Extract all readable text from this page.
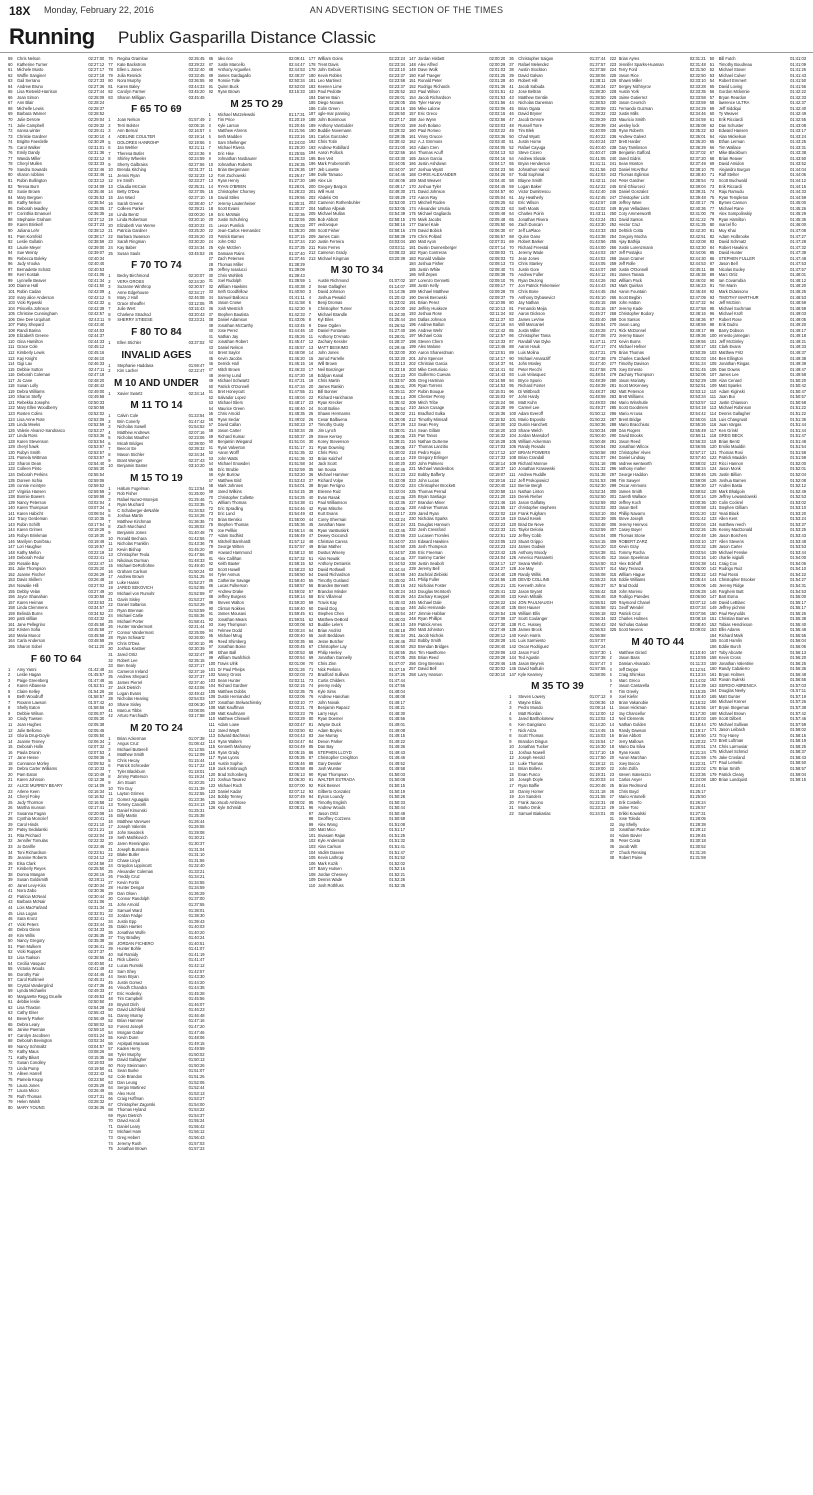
18X Monday, February 22, 2016	AN ADVERTISING SECTION OF THE TIMES
Running Publix Gasparilla Distance Classic
59	Chris Nelson	02:27:00
60	Katherine Turner	02:27:12
61	Michele Musto	02:27:17
62	Wuffie Sanginer	02:27:18
63	Gail Serrano	02:27:33
64	Andrew Bruno	02:27:36
65	Lisa Rietveld-Harrison	02:27:44
66	Joan Simon	02:28:09
67	Ann Blair	02:28:24
68	Michelle Lewis	02:28:37
69	Barbara Warner	02:28:52
70	Julie DeVore	02:29:04
71	Julie Campbell	02:29:32
72	nanna winter	02:29:41
73	Christie Gardner	02:30:10
74	Brigitte Faerdelle	02:30:29
75	Carol Walker	02:31:01
76	Emily Dandy	02:31:36
77	Wanda Miller	02:32:12
78	Cheryl Mullen	02:32:33
79	Sandra Sowards	02:32:46
80	sharon robbins	02:32:46
81	Robin Bullington	02:33:12
82	Teresa Burn	02:34:09
83	Susie Brown	02:35:46
84	Mary Bergsen	02:35:53
85	Kathy Nelson	02:35:54
86	Deborah Iwadley	02:36:05
87	Corinthia Emanuel	02:36:35
88	Stephanie Graham	02:37:12
89	Karen Brinkell	02:37:23
90	Juliana Lehr	02:38:12
91	Pam Kornfeld	02:38:17
92	Leslie Gullatin	02:38:59
93	Laurie Meyer	02:39:00
94	Sue Weinty	02:39:07
95	Rebecca Boleky	02:40:34
96	Judy Vrooka	02:40:40
97	Bernadette Schatz	02:40:53
98	Kerri Kostak	02:41:05
99	Lynnelle Beaver	02:41:34
100 Dianne Hall	02:41:50
101 Robin Cadan	02:42:09
102 mary alice Anderson	02:42:12
103 Vicki Rypwski	02:42:32
104 Priscella Johnson	02:42:39
105 Christine Cunningham	02:42:57
106 Dee Dee Urquhart	02:43:11
107 Patsy Shepard	02:43:40
108 Randi Barina	02:44:03
109 Elizabeth Greene	02:44:37
110 Gina Hamilton	02:44:33
111 Grace Cole	02:45:12
112 Kimberly Lewis	02:45:16
113 Kay Knight	02:46:10
114 Gigi Lax	02:46:33
115 Debbie Sutton	02:47:11
116 Deborah Coleman	02:47:18
117 Jo Cane	02:48:20
118 Susan Lolly	02:48:42
119 Debra Williams	02:49:00
120 Sharon Steffy	02:49:58
121 Rebekka Josephs	02:50:33
122 Mary Ellen Woodberry	02:50:58
123 Rosten Colins	02:52:02
124 Lisa Anne Rote	02:52:06
125 Linda Meeks	02:52:59
126 Valerie Alvarez-Sandrasco	02:53:27
127 Linda Ross	02:53:36
128 Karen Stevenson	02:53:54
129 cheryl hawk	02:53:57
130 Robyn Smith	02:53:57
131 Pamela Wittman	02:53:57
132 Sharon Dean	02:54:40
133 Colleen Pinto	02:55:30
134 Deborah Perkins	02:55:54
135 Doreen Ischia	02:59:06
136 connie mcintyre	02:59:52
137 Virginia Hansen	02:59:59
138 Bonnie Bowers	02:59:59
139 Nancy Peterson	03:02:04
140 Karen Thompson	03:07:34
141 Karen Habicht	03:08:04
142 Tracy Gerdeman	03:10:35
143 Robin Schillt	03:17:54
144 Karen Grimes	03:19:28
145 Robyn Brinkman	03:19:30
146 Marilynn Dunrbrau	03:19:49
147 Lori Haughue	03:19:57
148 Kathy Mellon	03:22:19
149 Deborah Fedor	03:22:41
150 Rosalie Bay	03:22:47
151 Julie Thompson	03:25:20
152 Joanne Fischer	03:26:29
153 Davis Skillern	03:26:48
154 Nowalie Hill	03:27:02
155 Debby Velan	03:27:49
156 Joyce Shanahan	03:30:59
157 Karen Heiman	03:33:53
158 Linda Clemmens	03:34:57
159 Belinda Burns	03:34:52
160 patti stillian	03:43:32
161 Jane Pellegrino	03:45:58
162 Kristen Sofia	03:45:58
163 Maria Munoz	03:45:58
164 Carla Anderson	03:48:58
165 Sharon Sobel	04:11:20
F 60 TO 64
1	Amy Yanni	01:42:48
2	Leslie Hagan	01:45:57
3	Paige Greenberg	01:47:48
4	Karen Albanese	01:52:51
5	Claire Kelley	01:54:26
6	Beth Woodruff	01:58:57
7	Roxann Lawson	01:57:42
8	Shelly Eaton	01:58:56
9	Debbie Wilson	02:05:07
10	Cindy Towsen	02:05:30
11	Joan Hughes	02:05:38
12	Julie Bellomo	02:05:46
13	Gloria Drup-Doyle	02:05:50
14	Joanne Tenney	02:06:34
15	Deborah Holle	02:07:32
16	Paula Dronin	02:07:53
17	Jane Hesse	02:09:36
18	Connance Morley	02:09:52
19	Debra Carter Williams	02:10:33
20	Pam Eaton	02:10:49
21	Karen Johnson	02:12:38
22	ALICE MURREY BEARY	02:14:09
23	Arlene Keen	02:16:34
24	Cheryl Foley	02:16:52
25	Judy Thornton	02:16:58
26	Martha munson	02:17:41
27	Susanna Fagan	02:20:08
28	Cynthia Moncrief	02:20:41
29	Carol Hinds	02:21:10
30	Patsy Sedalarski	02:21:21
31	Rita Prichard	02:22:04
32	Jennifer Tomulas	02:22:32
33	Jo DaVille	02:22:46
34	Toni Richardson	02:23:51
35	Jeanine Roberts	02:24:12
36	Elsa Clark	02:24:59
37	Kimberly Reyes	02:25:50
38	Donna Mangan	02:26:16
39	Susan Goldsmith	02:28:11
40	Janet Levy-Kiss	02:30:34
41	Nora Zabo	02:30:36
42	Patricia McNeal	02:30:44
43	Barbara McNair	02:31:06
44	Lois MacFarland	02:31:34
45	Lisa Logan	02:32:01
46	Sara Kronz	02:32:41
47	Vicki Peters	02:33:44
48	Debra Glenn	02:34:33
49	Kim Willis	02:35:35
50	Nancy Gregory	02:35:38
51	Pam Mulkern	02:36:41
52	Vicki Ruppert	02:37:37
53	Lisa Toalson	02:38:55
54	Cecilia Vasquez	02:40:50
55	Victoria Woods	02:41:49
56	Dorothy Fair	02:44:46
57	Carol Rohlmeir	02:45:31
58	Crystal Vandergrind	02:47:36
59	Lynda Michaelis	02:49:33
60	Margarette Regg Gruelle	02:49:53
61	debbie leslie	02:50:50
62	Lisa Thaxton	02:54:28
63	Cathy Elser	02:55:43
64	Beverly Parker	02:56:49
65	Debra Leary	02:58:02
66	Janise Paeman	02:59:10
67	Carolyn Jacobsen	03:01:24
68	Deborah Bevington	03:02:34
69	Nancy Schmaltz	03:04:57
70	Kathy Maus	03:08:26
71	Kathy Bikart	03:15:35
72	Susan Conolley	03:19:03
73	Linda Pump	03:19:50
74	Alleen Harrell	03:22:42
75	Pamela Krupp	03:23:50
76	Laura Jones	03:25:29
77	Laura Micro	03:26:49
78	Ruth Thomas	03:27:31
79	Helen Walsh	03:28:32
80	MARY YOUNG	03:36:36
76	Regina Gramlow	02:26:45
77	Kate Backstrom	03:29:22
78	Ellen L Jones	03:32:40
79	Julia Resnick	03:33:45
80	Nora Murphy	03:36:55
81	Karen Baley	03:44:33
82	Carolyn Farmer	03:45:20
83	Sharon Milligan	03:45:45
F 65 TO 69
1	Joan Nelson	01:57:49
2	Terri Bolster	02:05:16
3	Ann Bernal	02:16:57
4	ADELINE COULTER	02:19:14
5	DOLORES HANROHP	02:19:56
6	Jan Wehler	02:21:11
7	Theresa Butler	02:24:36
8	Shirley Wheeler	02:24:59
9	Sherry Galbraiss	02:27:56
10	Brenda Kitching	02:31:37
11	Jennis Ryan	02:32:23
12	Ire Smith	02:33:27
13	Claudia McCain	02:35:31
14	Betty O'Dea	02:37:05
15	Jan Ward	02:37:10
16	Sarah Greene	02:38:40
17	Colleen Parker	02:39:21
18	Linda Bentz	03:00:20
19	Linda Robertson	03:20:10
20	Elizabeth Von Werne	03:20:22
21	Patricia Gardner	03:25:20
22	Barbara Swanson	03:26:20
23	Sarah Ringman	03:30:20
24	Kay Baber	03:34:34
25	Susan Sauls	03:45:53
F 70 TO 74
1	Becky Birchmond	02:20:07
2	VERA GROSS	02:24:20
3	Suzanne Winthrop	02:30:57
4	Anne Edgehouse	02:34:17
5	Mary J Hall	02:46:08
6	Grace Sheaffer	03:12:05
7	Julie Wert	03:15:43
8	Charlene Stradrod	03:20:43
9	SHERRY STIEESE	03:23:21
F 80 TO 84
1	Ellen Stichler	03:37:02
INVALID AGES
1	Stephanie Haddana	01:59:47
2	Kim Lacher	02:22:47
M 10 AND UNDER
1	Xavier Swartz	02:34:14
M 11 TO 14
1	Calvin Cole	01:23:54
2	Brin Conerly	01:47:42
3	Nicholas Sowell	01:54:52
4	Matthew Andrews	02:07:16
5	Nicholas Mauther	02:23:06
6	Micah Bridges	02:39:00
7	Beecor Ee	02:39:32
8	Mason Stichler	02:34:34
9	Brant Wenger	02:37:43
10	Benjamin Easter	03:10:20
M 15 TO 19
1	Haltum Fogelman	01:13:54
2	Rob Fisher	01:25:00
3	Rafael Nunez-Morejon	01:25:46
4	Ryan Muchard	01:33:35
5	C Schaberger-deNahle	01:34:53
6	Joshua Martin	01:34:28
7	Matthew Kirchman	01:36:36
8	Zach Murchand	01:38:02
9	Benjamin Jones	01:40:48
10	Ronald Bechara	01:42:56
11	Nicholas Franklin	01:43:36
12	Kevin Bishop	01:45:20
13	Christopher Teola	01:47:56
14	Nikolaus Durman	01:48:33
15	Michael DeRofrohne	01:49:40
16	Graham Carlson	01:50:24
17	Andrew Brown	01:51:25
18	Luke Haass	01:52:27
19	JARED SEKOVICH	01:52:55
20	Michael von Rumohr	01:52:59
21	Gavin Sisley	01:53:27
22	Daniel Saltarios	01:53:29
23	Ryan Brennan	01:53:59
24	Michael Carlie	01:55:36
25	Michael Porter	01:58:41
26	Hunter Vandermost	02:21:44
27	Connor Vandermost	02:25:09
28	Ryan Schwartz	02:26:00
29	Chris O'Dea	02:30:10
30	Joshua Kastner	02:30:39
31	Jared Ortiz	02:32:47
32	Robert Lee	02:35:15
33	Ben Sealy	02:37:17
34	Cameron Ireland	02:37:19
35	Andrew Shepard	02:37:37
36	James Pierrel	02:37:40
37	Jack Dietrich	02:43:06
38	Logan Evans	02:49:42
39	Nicholas Hearing	02:54:03
40	Shane Sisley	03:06:30
41	Marcus Tibbs	03:08:06
42	Arturo Farchiadh	03:17:58
M 20 TO 24
1	Brian Ackerman	01:07:38
2	Angus Cruz	01:08:42
3	Michael Butterell	01:12:55
4	Matthew Smith	01:12:09
5	Chris Hecay	01:15:44
6	Patrick Schroeder	01:17:22
7	Tyler Blackburn	01:18:01
8	Jimmy Patterson	01:19:24
9	Jim Stuart	01:20:25
10	Tim Guy	01:21:39
11	Layton Grimes	01:22:55
12	Gomez Aguagala	01:23:36
13	Tommy Cancelli	01:24:13
14	Daniel Kimonski	01:25:31
15	Billy Martin	01:25:38
16	Matthew VanAwer	01:26:44
17	Joseph Valentin	01:26:55
18	John Swodeck	01:29:08
19	Seth Mathkovich	01:30:21
20	Jaren Rennington	01:30:37
21	Joseph Burnstein	01:31:04
22	Blake Butler	01:31:10
23	Chase Lloyd	01:31:56
24	Graydon Lippincott	01:32:40
25	Alexander Coleman	01:33:21
26	Freddy Cruz	01:34:21
27	Kevin Fortin	01:34:55
28	Hunter Dengar	01:34:59
29	Dan Olsen	01:36:29
30	Connor Randolph	01:37:00
31	John Arnold	01:37:55
32	Samuel Ward	01:38:01
33	Jordan Fadge	01:38:30
34	Justin Epp	01:39:43
35	Dakin Hamlet	01:40:03
36	Jonathan Wolfe	01:40:20
37	Troy Bradley	01:40:24
38	JORDAN FICHERO	01:40:51
39	Hunter Bohle	01:41:07
40	Sal Ramidy	01:41:19
41	Rick Liberio	01:41:47
42	Lucas Rumski	01:42:12
43	Sam Shey	01:42:57
44	Sean Bryan	01:43:30
45	Justin Gomez	01:44:20
46	Vinodh Chandra	01:44:35
47	Eric Hodesky	01:45:28
48	Tim Campbell	01:45:56
49	Bryant Dinh	01:46:07
50	David Litchfield	01:46:23
51	Danny Murray	01:46:48
52	Brian Hammer	01:47:16
53	Forest Joseph	01:47:20
54	Morgan Gabor	01:47:46
55	Kevin Dunn	01:48:06
56	Arpitpati Maravas	01:49:15
57	Kaden Herry	01:49:59
58	Tyler Murphy	01:50:02
59	David Gallagher	01:50:13
60	Rory Steinmann	01:50:26
61	Sean Burke	01:51:07
62	Cole Brandon	01:51:26
63	Dan Leung	01:52:05
64	Sergio Martinez	01:52:44
65	Alex Hunt	01:53:13
66	Craig Hoffman	01:53:27
67	Christopher Zagorski	01:54:00
68	Thomas Hyland	01:54:22
69	Ryan Dietrich	01:54:37
70	David Ascoll	01:55:24
71	Daniel Leary	01:55:42
72	Michael Ham	01:56:12
73	Greg Hebert	01:56:43
74	Jeremy Rush	01:57:03
75	Jonathan Brown	01:57:22
86	alex rice	02:09:41
87	Justin Marcello	02:44:47
88	Anthony Arguelles	02:44:53
89	James Gardagallo	02:49:37
90	Ronnie Tolle	02:50:34
91	Quinn Buck	02:53:03
92	Ryan Brown	03:15:33
M 25 TO 29
1	Michael Mutzelewski	01:17:31
2	Tim Price	01:20:19
3	Kyle Larson	01:20:46
4	Matthew Ahrens	01:21:56
5	Seth Madden	01:23:16
6	Sam Shellenger	01:24:03
7	Michael Rivera	01:25:20
8	Eric Hise	01:25:55
9	Johnathan Nosbaurer	01:26:33
10	Johnathan Roberts	01:26:35
11	Brian Bergemann	01:26:36
12	Tom Zuchowski	01:26:47
13	Ryan Henry	01:27:20
14	RYAN O'BRIEN	01:28:01
15	Christopher Chorney	01:28:23
16	David Stiles	01:29:56
17	Jeremy Lautenheiser	01:30:31
18	Scott Evans	01:30:37
19	Eric McWain	01:32:36
20	Justin Schuhring	01:32:55
21	Levon Pumlick	01:35:03
22	Jean-Carlos Hernandez	01:35:20
23	Patrick Barnes	01:37:15
24	John Ortiz	01:37:24
25	Kyle McGlen	01:37:35
26	Damaan Rains	01:37:40
27	Zach Petersen	01:37:46
28	Thomas Miller	01:38:29
29	Jeffrey Iosalucci	01:39:09
30	Chris Wohlleb	01:39:43
31	Joel Rudolph	01:39:59
32	William Hawkins	01:40:38
33	Seth Goodfellow	01:40:50
34	Samuel Ballosco	01:41:11
35	Jason Crowe	01:41:58
36	Josh Westrich	01:42:30
37	Stephen Bautista	01:42:33
38	Daniel Adamson	01:43:05
39	Jonathan McCarthy	01:43:45
40	Jose Perez	01:44:46
41	Nathan Jay	01:45:26
42	Jonathan Robert	01:45:47
43	Daniel Nelson	01:45:57
44	Brent Saylor	01:46:08
45	Kevin Jacobs	01:46:20
46	Derrick Hall	01:46:15
47	Mitch Brown	01:46:33
48	Jeremy Lund	01:47:20
49	Michael Schwartz	01:47:21
50	Patrick O'Donnell	01:47:34
51	Bret Honeycutt	01:47:55
52	Salvador Lopez	01:48:04
53	Michael Sliers	01:48:17
54	Maurice Green	01:48:40
55	Chris Arnold	01:48:35
56	Ryan Seclar	01:49:02
57	David Callan	01:50:23
58	Jason Carter	01:50:34
59	Richard Kumar	01:50:37
60	Benjamin Wiegand	01:51:04
61	Ryan Valverton	01:51:17
62	Aaron Wolff	01:51:35
63	John Watts	01:51:36
64	Michael Snowden	01:51:58
65	Eric Struble	01:52:59
66	Kyle Burrow	01:53:20
67	Matthew Bird	01:53:43
68	Mark Johnsen	01:54:01
69	Jared Wilkins	01:54:15
70	Christopher Collette	01:54:25
71	William Thomas	01:54:38
72	Eric Spradling	01:54:46
73	Eric Lund	01:54:49
74	Brian Bensko	01:55:00
75	Stephen Thomas	01:55:36
76	Joe Pellkin	01:56:14
77	Adam Sodhist	01:56:49
78	Mitchell Barnhardt	01:57:12
79	George Witten	01:57:57
80	Howard Hammond	01:58:13
81	Alex Callihan	01:57:32
82	Keith Baxter	01:58:15
83	Scott Howell	01:58:23
84	Tyler Asmus	01:58:50
85	Catherine Savage	01:58:40
86	Lucas Fulkerson	01:58:57
87	Andrew Drake	01:59:02
88	Jeffrey Burgess	01:59:14
89	Steven Walton	01:59:20
90	Clinton Nokkes	01:59:40
91	James Mousavi	01:59:45
92	Jonathan Mears	01:59:51
93	Joey Thompson	02:00:08
94	Felmee Dodd	02:00:24
95	Michael Mrug	02:00:40
96	Reed Shimberg	02:00:35
97	Jonathan Boise	02:00:45
98	Ethan Ball	02:00:53
99	William Swafchick	02:00:54
100 Travis Ulrik	02:01:08
101 Dr Paul Phelps	02:01:26
102 Nancy Gross	02:02:03
103 Sean Hunter	02:02:11
104 Richard Gardner	02:02:15
105 Matthew Dobbs	02:02:35
106 Dustin Hernandez	02:03:06
107 Jonathan Stelwachinsky	02:03:10
108 Matt Kauffman	02:03:21
109 Matt Kaufmann	02:03:23
110 Matthew Chiswell	02:03:29
111 Adam Lowe	02:03:47
112 Jared Waytt	02:03:50
113 Edward Bachman	02:04:43
114 Ryan Walters	02:04:47
115 Kenneth Mahoney	02:04:49
116 Ryan Grady	02:05:15
117 Ryan Lyons	02:05:35
118 Austin Sophie	02:05:46
119 Jack Kimbrough	02:05:58
120 Brad Schonberg	02:06:13
121 Joshua Tavarez	02:06:30
122 Michael Ruch	02:07:00
123 Daniel Kadar	02:07:12
124 Bobby Tenrey	02:07:49
125 Jacob Ambrose	02:08:02
126 Kyle Schmidt	02:08:21
177 William Goins	02:23:24
178 Trent Davis	02:23:34
179 John Gebuis	02:23:10
180 Kevin Robles	02:23:37
181 Leo Martinez	02:23:58
182 Keenen Lime	02:23:37
183 Paul Pedotte	02:25:52
184 Darren Bain	02:26:01
185 Diego Novaes	02:26:05
186 Colin Green	02:26:16
187 ogle-mar panning	02:26:50
188 John Bonimous	02:27:17
189 Anthony VanGulder	02:29:03
190 Buddie Novemann	02:29:32
191 Carlos Gonzalez	02:29:35
192 Chris Totin	02:30:42
193 Andrew Robillard	02:31:00
194 Aaron Pollock	02:32:56
195 Ben Veit	02:43:30
196 Mark Frobersmith	02:44:05
197 Jeb Lovette	02:44:07
198 Dolle Tamaso	02:44:46
199 Alex Lin	02:46:06
200 Gregory Bargon	02:49:17
201 Will Hunt	02:49:30
202 Abdelsi Ott	02:49:29
203 Cameron Rothenbuhler	02:53:00
204 Nathan Allpeak	02:53:05
205 Michael Mullan	02:54:39
206 Bob Abbott	02:58:15
207 vedovoque	02:58:16
208 Scott Fisher	02:58:16
209 James Cain	02:59:39
210 Justin Ferreira	03:03:04
211 Ross Ferres	03:03:11
212 Cameron Grady	03:08:33
213 Michael Kingman	03:20:39
M 30 TO 34
1	Austin Richmond	01:07:02
2	Sean Gallagher	01:14:07
3	David Johnson	01:14:36
4	Joshua Pewald	01:20:42
5	Benji Dromas	01:23:02
6	Christopher Turner	01:24:00
7	Michael Brandle	01:24:30
8	Kyl Eiles	01:25:44
9	Dave Ogden	01:26:52
10	Daniel Fontaine	01:27:40
11	Anthony D'Amato	01:28:01
12	Zachary Kessler	01:28:37
13	MATT BESKIMO	01:29:46
14	John Jones	01:32:00
15	Jarrod Farrelle	01:32:20
16	Will Brown	01:33:13
17	Neil Bonzinger	01:33:18
18	Eddyan Kanal	01:33:23
19	Chris Martin	01:33:57
20	James Rankin	01:35:01
21	Bill Bonner	01:35:11
22	Richard Haricharan	01:35:14
23	Ryan Krecker	01:35:42
24	Scott Boline	01:35:54
25	Shawn Hermanns	01:36:02
26	Cesar Balbuena	01:36:08
27	Timothy Gusty	01:37:29
28	Jim Lynch	01:38:01
29	Steve Kersey	01:38:05
30	Korey Stevenson	01:38:21
31	Ryan Downing	01:39:05
32	Chris Pinto	01:40:02
33	Brian Kalchef	01:40:10
34	Jack Scott	01:40:20
35	Ian Sousa	01:40:46
36	Michael Hammer	01:41:23
37	Richard Volpe	01:42:08
38	Bryan Ferrigno	01:42:02
39	Etienne Ruiz	01:42:04
40	Evan Rasak	01:42:36
41	Paul Williamson	01:42:36
42	Ryan Mitsche	01:43:06
43	Kurt Evans	01:43:17
44	Corey Sherman	01:43:24
45	Jonathan Nave	01:43:24
46	Ryan VanBuskirk	01:43:46
47	Dewey Giocondi	01:43:56
48	Christian Carera	01:44:07
49	Brian Mather	01:44:50
50	Dustus Wiseny	01:44:57
51	Alan Nowak	01:44:46
52	Anthony DeSantis	01:44:53
53	David Rothwell	01:44:44
54	David Richardson	01:44:55
55	Timothy Gusland	01:45:02
56	Branden Bennett	01:45:16
57	Brandon Minder	01:45:24
58	Eric Villarreal	01:45:26
59	Travis Kay	01:45:43
60	David Dog	01:45:50
61	Stephen Chen	01:45:54
62	Matthew DeBord	01:46:03
63	Buddie Lelers	01:46:10
64	Brian Andrist	01:46:18
65	Josh Beddows	01:46:34
66	Jesse Butcher	01:46:46
67	Christopher Lay	01:46:50
68	Philip Henley	01:46:55
69	Jonathan Gannelly	01:47:05
70	Chris Zinn	01:47:07
71	Nick Perkins	01:47:19
72	Bradford Sullivan	01:47:26
73	Curtis Childers	01:47:44
74	jeremy reddy	01:47:56
75	Kyle Sims	01:48:04
76	Andrew Hanohan	01:48:08
77	John Novak	01:48:17
78	Benjamin Rapacz	01:48:21
79	Larry Hays	01:48:30
80	Ryan Doemer	01:48:56
81	Wayne Duck	01:49:01
82	Adam Boyles	01:49:08
83	Joe Murray	01:49:15
84	Devon Parker	01:49:22
85	Dan Bay	01:49:36
86	STEPHEN LLOYD	01:49:43
87	Christopher Creighton	01:49:46
88	Gary Dessler	01:49:52
89	Josh Wurster	01:49:58
90	Ryan Thompson	01:50:03
91	WALTER ESTRADA	01:50:08
92	Rick Bennet	01:50:15
93	Gilberto Gonzalez	01:50:19
94	Eyson Loundy	01:50:28
95	Timothy English	01:50:33
96	Andrew Woods	01:50:44
97	Jason Ortiz	01:50:48
98	Geoffrey Cozzens	01:50:59
99	Alex Wong	01:51:08
100 Matt Mico	01:51:17
101 Sivasam Rajan	01:51:25
102 Kyle Anderson	01:51:32
103 Alan Carlson	01:51:41
104 Vadim Daseev	01:51:47
105 Kevin Lathrop	01:51:52
106 Mark Kozik	01:52:02
107 Barry Hutsen	01:52:16
108 Jordan Chesney	01:52:21
109 Dennis Wade	01:52:26
110 Josh Rothfuss	01:52:35
147 Jordan Hisbett	02:00:20
148 Alex Alfred	02:00:29
149 Dave Wolk	02:01:03
150 Karl Traeger	02:01:25
151 Ronald Peter	02:01:28
152 Rodrigo Richards	02:01:36
153 Paul Wilson	02:01:51
154 Jacob Richardson	02:01:53
155 Tyler Harvey	02:01:56
156 Mike Lalone	02:02:06
157 Eric Greco	02:02:15
158 Joe Wynn	02:02:56
159 Josh Bolano	02:03:03
160 Paul Romeo	02:03:22
161 Vinny Grucce	02:03:36
162 A.J. Emmons	02:03:40
163 Adam Cren	02:04:05
164 Thomas Acuff	02:04:13
165 Jason Garcia	02:04:16
166 Justin Ashdown	02:04:17
167 Joshua Wyatt	02:04:23
168 CHRIS ALEXANDER	02:04:26
169 Matt Weaver	02:04:40
170 Joshua Tyler	02:04:45
171 David Johnson	02:04:57
172 Aaron Ray	02:05:04
173 Mitchell Roden	02:05:25
174 Alexander Urrutia	02:05:33
175 Michael Gagliardo	02:05:48
176 Mark Jacobs	02:05:48
177 Daniel Kale	02:05:50
178 David Bobick	02:06:30
179 Chris Pollard	02:06:57
180 Matt Ayon	02:07:01
181 Dustin Dunnenberger	02:07:14
182 Ryan Contreras	02:08:03
183 Ronald Vallaire	02:08:03
184 Joshua Fisher	02:08:13
185 Justin White	02:08:40
186 Will Zepen	02:08:39
187 Lorenzo Gennetti	02:09:10
188 Justin Kelly	02:09:17
189 Michael Matthew	02:09:28
190 Derek Berowski	02:09:37
191 Brian Perez	02:10:06
192 Jeffery Huskeze	02:10:13
193 Joshua Rose	02:11:34
194 Dallas Johnson	02:11:37
195 Andrew Ballon	02:12:19
196 Andrew Wehr	02:12:42
197 Michael Cota	02:12:57
198 Steven Chern	02:13:33
199 Alex Malone	02:13:46
200 Aaron Shanerdman	02:13:51
201 John Spencer	02:14:17
202 Christian Garcia	02:14:37
203 Mike Centurioso	02:14:41
204 Guillermo Cuevas	02:14:43
205 Greg Hartman	02:14:59
206 Ryan Torrens	02:14:53
207 Robin Bouque	02:15:01
208 Chester Penny	02:15:03
209 Mitch Tribe	02:15:24
210 Jason Cusage	02:15:28
211 Bradford Sulka	02:15:36
212 Timothy Mimsall	02:15:52
213 Sean Perry	02:16:00
214 Sean Gillam	02:16:20
215 Pan Tanos	02:16:32
216 Nathan DuSeme	02:16:28
217 Thomas Lanzitio	02:17:03
218 Pedro Rojas	02:17:12
219 Gregory Erlinger	02:17:33
220 John Palmero	02:18:14
221 Michael Vandenbos	02:18:37
222 Bobby Bafferty	02:19:07
223 John Lucas	02:19:16
224 Christopher Brockett	02:20:40
225 Thomas Perrad	02:20:58
226 Bryan Santiago	02:21:20
227 Brandon Miner	02:21:46
228 Andrew Thomas	02:21:55
229 Jared Ryan	02:22:02
230 Nicholas Sparks	02:22:19
231 Douglas Hannum	02:22:23
232 Josh Cressford	02:22:33
233 Lucasen Tromles	02:22:51
234 Edward Hawkins	02:23:05
235 Josh Thompson	02:23:23
236 Eric Freeman	02:23:42
237 Sammy Cartier	02:24:04
238 Justin Seabolt	02:24:17
239 Jeremy Bell	02:24:27
240 Zachrial Zinbiski	02:24:40
241 Philip Fuller	02:24:55
242 Nicholas Foster	02:25:21
243 Douglas McIntosh	02:25:41
244 Zachary Koeppel	02:26:00
245 Michael Dale	02:26:22
246 Julio Hernande	02:26:40
247 Jimmie Habbar	02:26:54
248 Ryan Phillips	02:27:09
249 Patrick Ames	02:27:30
250 Matt Johnston	02:27:49
251 Jacob Nichols	02:28:12
252 Bobby Smith	02:28:28
253 Brendan Bridges	02:28:40
254 Tim Hawthorne	02:29:06
255 Brian Reed	02:29:28
256 Greg Brennan	02:29:46
257 David Bell	02:30:02
258 Larry Hanson	02:30:10
36	Christopher Saigon	01:37:44
37	Rafael Melendez	01:37:57
38	Austin Stockton	01:37:58
39	David Galvan	01:38:06
40	Robert Hill	01:38:11
41	Jacob Sabuda	01:38:24
42	Jose Beltran	01:38:30
43	Matthew Gentile	01:38:50
44	Nicholas Daneman	01:38:53
45	Brian Ogata	01:38:59
46	David Bryner	01:39:22
47	Jacob DeVore	01:39:29
48	Russell Torre	01:39:39
49	Tim Blek	01:40:09
50	Chad Wyatt	01:40:22
51	Justin Horne	01:40:24
52	Rafael Cayuga	01:40:40
53	Steve Cicero	01:40:47
54	Andrew Slosak	01:41:05
55	Bryan Henderson	01:41:11
56	Johnathon Vancil	01:41:56
57	Todd Sophinal	01:42:03
58	Blayne Smith	01:42:11
59	Logan Baker	01:42:22
60	Victor Dumitrescu	01:42:40
61	Jay Heatherly	01:42:45
62	Eric Wilson	01:42:57
63	Seth Moats	01:43:02
64	Charles Poirin	01:43:11
65	Jonathan Rivera	01:43:24
66	Zach Duncan	01:43:30
67	Jeff LaPlace	01:43:33
68	Quinn Gano	01:43:38
69	Robert Barker	01:43:56
70	Richard Freestal	01:44:00
71	Jeremy Wade	01:44:03
72	Jean Jones	01:44:02
73	Chris Stanley	01:44:05
74	Justin Gore	01:44:07
75	Andrew Fuller	01:44:12
76	Ryan DeJong	01:44:26
77	Jon Patrick Finkemeier	01:44:43
78	Chris Bone	01:44:45
79	Anthony Dybasevicz	01:45:10
80	Jay Nathan	01:45:15
81	Fernando Mejia	01:45:16
82	Aaron Dickson	01:45:27
83	James LeVine	01:45:40
84	Will Marcantel	01:45:54
85	Justin Miller	01:46:28
86	Christopher Tama	01:47:08
87	Randall Van Dyke	01:47:11
88	Aaron Hauk	01:47:17
89	Luis Molina	01:47:21
90	Michael Amaraziff	01:47:38
91	John Mosley	01:47:40
92	Peter Recchi	01:47:58
93	Luis Velasquez	01:48:04
94	Bryce Spurio	01:48:39
95	Richard Foster	01:48:39
96	Di Wittbrodt	01:48:37
97	John Hardy	01:48:59
98	Matt Kuhn	01:49:03
99	Carmel Lee	01:49:37
100 Adam Everoff	01:50:12
101 Mario Esposito	01:50:22
102 Dustin Hanchett	01:50:36
103 Shane Welch	01:50:34
104 Jordan Mansdorf	01:50:40
105 William Ackerman	01:50:48
106 Randy Rosado	01:50:54
107 BRIAN POWERS	01:50:58
108 Brian Crandall	01:51:07
109 Richard Monroe	01:51:18
110 Jonathan Krasewski	01:51:32
111 Andrew Ruddle	01:51:38
112 Jeff Prokopowicz	01:51:53
113 Bernie Bergh	01:52:30
114 Nathan Linton	01:52:34
115 Derek Rieber	01:52:50
116 Jason Galfatsy	01:52:59
117 christopher stephens	01:53:02
118 Frank Fulgham	01:53:10
119 David Kesek	01:53:39
120 Brad De Neve	01:53:48
121 Taylor Deloria	01:53:59
122 Jeffrey Cobb	01:54:04
123 Stuart Grippo	01:54:15
124 James Godwin	01:54:20
125 Anthony Moody	01:54:38
126 Americo Passaretti	01:54:45
127 Seana Welsh	01:54:50
128 Joe May	01:54:57
129 Randy Willis	01:55:08
130 DEVID COLLINS	01:55:23
131 Kenneth Johns	01:55:37
132 Jason Bryant	01:55:42
133 Kevin Mihalik	01:55:46
134 JON PAULNAUGH	01:55:51
135 Bret Hauser	01:55:58
136 William Ellis	01:56:18
137 Scott Coulanger	01:56:34
138 R.C. Hussey	01:56:43
139 James Brock	01:56:53
140 Kevin Harris	01:56:58
141 Luis Sarmiento	01:57:07
142 Oscar Rodriguez	01:57:24
143 Jason Ford	01:57:30
144 Ted Agustin	01:57:38
145 Jason Beyreis	01:57:47
146 David Naftulin	01:57:55
147 Kyle Kearney	01:58:06
M 35 TO 39
1	Steven Lowery	01:07:12
2	Wayne Elias	01:08:36
3	Pedro Mundo	01:09:14
4	Matt Riordan	01:12:00
5	Jared Bartholomew	01:13:02
6	Ken Gangriano	01:14:20
7	Nick Ariza	01:14:45
8	Scott Thomas	01:15:03
9	Brandon Dingus	01:15:54
10	Jonathan Tucker	01:16:30
11	Joshua Nowell	01:17:10
12	Joseph Herold	01:17:50
13	Luke Thomas	01:18:12
14	Brian Bolleru	01:19:00
15	Evan Fusco	01:19:31
16	Joseph Doyle	01:20:03
17	Ryan Baffie	01:20:48
18	Danny Horner	01:21:18
19	Jon Sanders	01:21:55
20	Frank Jacono	01:22:31
21	Marko Ornik	01:23:13
22	Samuel Biakaslac	01:24:01
222 Brian Ayres	02:31:21
223 Jennifer Sparks-Huaman	02:31:48
224 Terry Ford	02:31:50
225 Jason Rice	02:32:50
226 Shawn Miller	02:33:10
227 Sergey Nizhnyrov	02:33:28
228 Austin York	02:33:35
229 Jaime Gutierrez	02:33:58
230 Jason Ceorsch	02:33:59
231 Fernando Guzman	02:34:29
232 Justin Mills	02:34:46
233 Mauricio Smith	02:34:59
234 wesley lock	02:35:08
235 Ryan Roberts	02:35:22
236 Andrew Galvez	02:36:01
237 Brett Harder	02:36:20
238 Gary Tamlinson	02:36:29
239 Benjamin Gafford	02:37:02
240 Jared Gidris	02:37:20
241 Sean Monton	02:37:49
242 Daniel McArthur	02:38:10
243 Thomas Eglinton	02:38:40
244 Peter Gardner	02:38:54
245 Emil Ghiurceci	02:39:04
246 Daniel Gonzalez	02:39:31
247 Christopher Licht	02:39:48
248 Jeffrey Ware	02:40:17
249 Bryan Velladares	02:40:36
250 Cory Ammerworth	02:41:00
251 David Santos	02:41:22
252 Hector Cruz	02:41:35
253 Deltrick Cotta	02:42:20
254 Gregory Mocha	02:42:51
255 Ajay Bathija	02:43:08
256 Justin Lorenzmann	02:43:30
257 Jeff Postajko	02:44:06
258 Jason Cramer	02:44:30
259 Jeff Rolle	02:44:53
260 Justin O'Donnell	02:45:11
261 James Tanata	02:45:38
262 William Pack	02:46:02
263 Mark Quinlan	02:46:23
264 Aaron Fountain	02:46:48
265 Scott Begbin	02:47:09
266 John Hatton	02:47:32
267 Jeremy Kade	02:47:58
268 Christopher Bodory	02:48:16
269 Don Santos	02:48:36
270 Jason Lang	02:48:59
271 Rick McDonnel	02:49:17
272 Jeremy Bauer	02:49:36
273 Kevin Burns	02:49:56
274 Michael Hefner	02:50:17
275 Brian Thomas	02:50:39
276 Charles Cardwell	02:51:03
277 Timothy Davison	02:51:24
278 Joey Ernesto	02:51:45
279 Zachary Thompson	02:52:06
280 Jason Moriarty	02:52:29
281 Scott McKenney	02:52:51
282 Matt Peterson	02:53:12
283 Brett Williams	02:53:34
284 Mario Winshutle	02:53:57
285 Scott Goodmem	02:54:19
286 Mario Arcusa	02:54:42
287 Brent Bridge	02:55:04
288 Mario Bracchiuto	02:55:26
289 Dan Rogers	02:55:49
290 David Brooks	02:56:11
291 Jason Reed	02:56:33
292 Jonathan Wilcox	02:56:55
293 Christopher Alves	02:57:17
294 Daniel Lindsay	02:57:40
295 andrew wentworth	02:58:02
296 anthony maher	02:58:24
297 George Haddon	02:58:46
298 Tim Sawyer	02:59:08
299 Oscar Ammons	02:59:30
300 James Smith	02:59:52
301 Gareth Wallace	03:00:14
302 Jeffrey Koch	03:00:36
303 Jason Bell	03:00:58
304 Phillip Navarro	03:01:20
305 Steve Joseph	03:01:42
306 Jeremy Heinvoc	03:02:04
307 Casey Boyer	03:02:26
308 Thomas Stone	03:02:48
309 ROBERT ZARZ	03:03:10
310 Kevin Gray	03:03:32
311 Tommy Rocha	03:03:54
312 Jason Speelman	03:04:16
313 Alex Eckhoff	03:04:38
314 Mary Teranza	03:05:00
315 William Hague	03:05:22
316 Eddie Williams	03:05:44
317 Brad Dodd	03:06:06
318 John Moreno	03:06:28
319 Rodrigo Paredes	03:06:50
320 Raymond Chanel	03:07:12
321 Geoff Wendel	03:07:34
322 Patrick Cruz	03:07:56
323 Charles Holmes	03:08:18
324 Nicholas Galvan	03:08:40
325 Scott Nevens	03:09:02
M 40 TO 44
1	Matthew Girard	01:10:40
2	Jason Bass	01:10:59
3	Damian Alvarado	01:11:33
4	Jeff Deppe	01:12:51
5	Craig Shimkus	01:13:24
6	Marc Greco	01:14:02
7	Jason Cantarella	01:14:39
8	Tim Greely	01:15:25
9	Joel Kiefer	01:15:40
10	Brian Vakanobie	01:16:22
11	Jason Hickman	01:16:55
12	Jay Chancellor	01:17:30
13	Neil Clements	01:18:03
14	Nathan Golden	01:18:44
15	Randy Dawson	01:19:17
16	Brian Abbott	01:19:50
17	Jerry Mallows	01:20:22
18	Mario Da Silva	01:20:51
19	Ryan Keats	01:21:24
20	Aaron Marchan	01:21:59
21	Joey Bocca	01:22:31
22	John Zolfa	01:23:02
23	steven materazzo	01:23:36
24	Carlos Anyer	01:24:08
25	Brian Redmond	01:24:41
26	Chris Boyd	01:25:17
27	Mario Antonelli	01:25:50
28	Erik Costello	01:26:24
29	Jaime Toro	01:26:57
30	Erikki Kowalski	01:27:31
31	Jose Toledo	01:28:05
32	Jay Shelly	01:28:38
33	Jonathan Pardoe	01:29:12
34	Adam Bovier	01:29:45
35	Peter Costa	01:30:18
36	Jacob Wilt	01:30:52
37	Chuck Rensing	01:31:26
38	Robert Paine	01:31:59
50	Bill Futch	01:41:03
51	Timothy Boudreau	01:41:09
52	Michael Stover	01:41:26
53	Michael Culver	01:41:43
54	Robert Emmert	01:41:50
55	David Loving	01:41:56
56	Gordon Mckinnie	01:42:22
57	Bryan Reardon	01:42:33
58	lawrence ULTRA	01:42:37
59	Jeff Siddiqui	01:42:40
60	Ty Weaver	01:42:49
61	Erik Ricciardi	01:42:55
62	Dan Schuster	01:43:08
63	Edward Hansen	01:43:17
64	Alan Mickelson	01:43:24
65	Ethan Lerman	01:43:25
66	Tim Wallace	01:43:31
67	Mike Blackburn	01:43:38
68	Brian Reaver	01:43:50
69	David Amidon	01:43:52
70	Alejandro Burgos	01:44:04
71	Ralf Stelter	01:44:06
72	Scott Buchwald	01:44:12
73	Erik Riccardi	01:44:15
74	Raju Ramudu	01:44:33
75	Ryan Templeton	01:44:59
76	Bymes Cannon	01:45:00
77	Michael Rane	01:45:26
78	Alex Sompolinskiy	01:45:29
79	Ryan Hamilton	01:45:36
80	marcel flo	01:46:00
81	Muy Khai	01:47:08
82	Adam Holbrooke	01:47:27
83	David Schmatz	01:47:28
84	Robert Hawkins	01:47:32
85	David Hunter	01:47:39
86	STEPHEN FULLER	01:47:48
87	Jason Bell	01:47:53
88	Nicolas Eudey	01:47:57
89	Marc Ortiz	01:48:01
90	Ian Covarrubia	01:48:12
91	Tim Marin	01:48:20
92	Mark DiJassono	01:48:25
93	TIMOTHY MARTHUR	01:48:53
94	Jeff McGinn	01:48:59
95	Michael Suchman	01:48:59
96	Michael Kroft	01:49:03
97	Robert Rose	01:49:05
98	Erik Dudro	01:49:20
99	Barry Dobson	01:49:17
100 ernesto jarnegan	01:49:18
101 Jeff McGinley	01:49:21
102 Clark Evans	01:49:33
103 Matthew Fritz	01:49:37
104 Ben Ellington	01:49:38
105 Jonathan Ringas	01:49:39
106 Dan Downs	01:49:47
107 James Lee	01:49:58
108 Alan Cenard	01:50:20
109 Matt Spanks	01:50:42
110 Adam Kiginski	01:50:47
111 Juan Bui	01:50:57
112 Justin Chiasson	01:50:58
113 Michael Robinson	01:51:22
114 Dennis Gallagher	01:51:22
115 Luis Changrusit	01:51:36
116 Juan Vargas	01:51:44
117 Ken Grinkl	01:51:44
118 GREG BECK	01:51:47
119 Brian Bentz	01:51:48
120 Emilio Mauldin	01:51:54
121 Thomas Rosi	01:51:58
122 Patrick Mauldin	01:51:59
123 Ricci Hannon	01:52:00
124 Jason Monk	01:52:01
125 Justin Billion	01:52:04
126 Joshua Barnes	01:52:08
127 Andrei Basta	01:52:12
128 Mark Bhalgoin	01:52:49
129 Jeffrey Lewandowski	01:52:53
130 Colin Cockrel	01:53:02
131 Stephen Gilliam	01:53:10
132 Yeati Black	01:53:20
133 Allen Kent	01:53:24
134 matthew reech	01:53:37
135 Kenny MacDonald	01:53:25
136 Jason Borchers	01:53:43
137 Allen Stevens	01:53:48
138 Jason Carter	01:53:53
139 Michael Fenske	01:53:44
140 charlie isigiulli	01:54:00
141 Craig Cox	01:54:06
142 Rodrigo Ruiz	01:54:10
143 Paul Rossi	01:54:22
144 Christopher Brooker	01:54:27
145 Jeremy Ridge	01:54:31
146 Farghem Butt	01:54:53
147 Bart Esma	01:55:00
148 David LeBlanc	01:55:17
149 Jeffrey pichmn	01:55:17
150 Paul Reynolds	01:55:26
151 Christian Barnes	01:55:38
152 Tobias Hendrixson	01:55:40
153 Ellis Adams	01:55:48
154 Richard Mark	01:55:55
155 Scott Hamlin	01:56:04
156 Eddie Burch	01:56:06
157 Toby Abcarte	01:56:13
158 Kevin Cross	01:56:20
159 Jonathan Valentine	01:56:25
160 Randy Cabalerro	01:56:36
161 Bryan Holmes	01:56:48
162 Rovan Swirski	01:56:55
163 SERGIO ABRENICA	01:57:03
164 Douglas Neely	01:57:11
165 Matt Gunter	01:57:19
166 Michael Krener	01:57:26
167 Bryan Stegeman	01:57:38
168 Michael Brown	01:57:42
169 Scott Gilbert	01:57:46
170 Michael Sullivan	01:57:59
171 Jason Leibach	01:58:02
172 Troy Harey	01:58:15
173 Brett Luftman	01:58:19
174 Chris Larmusiar	01:58:25
175 Michael Schmid	01:58:37
176 Jake Crosland	01:58:43
177 Paul Lemelin	01:58:50
178 Brian Smith	01:58:57
179 Patrick Cleary	01:59:04
180 Brian Lundquist	01:59:15
